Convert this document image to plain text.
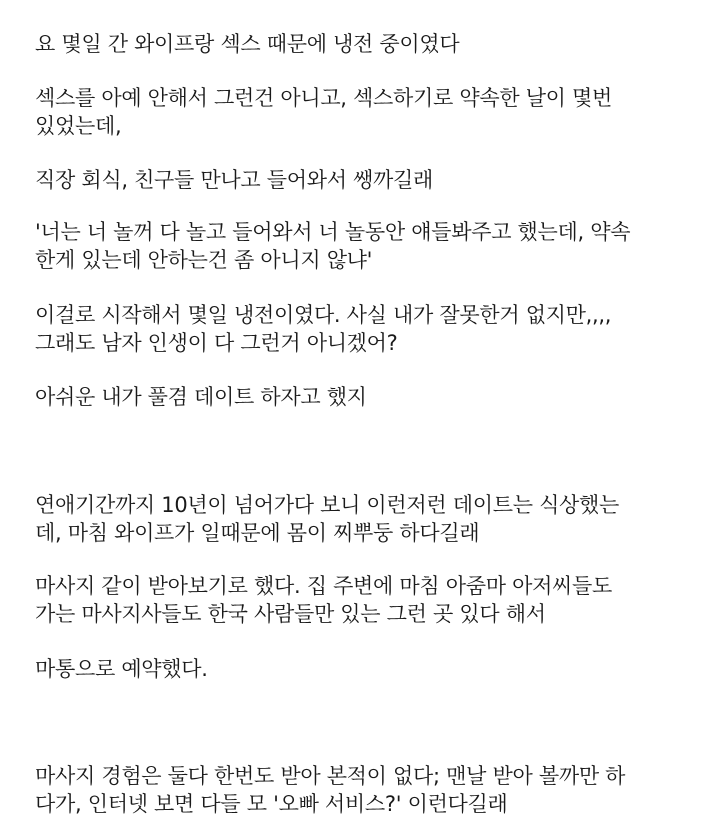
요 몇일 간 와이프랑 섹스 때문에 냉전 중이였다

섹스를 아예 안해서 그런건 아니고, 섹스하기로 약속한 날이 몇번
있었는데,

직장 회식, 친구들 만나고 들어와서 쌩까길래

'너는 너 놀꺼 다 놀고 들어와서 너 놀동안 얘들봐주고 했는데, 약속
한게 있는데 안하는건 좀 아니지 않냐'

이걸로 시작해서 몇일 냉전이였다. 사실 내가 잘못한거 없지만,,,,
그래도 남자 인생이 다 그런거 아니겠어?

아쉬운 내가 풀겸 데이트 하자고 했지

연애기간까지 10년이 넘어가다 보니 이런저런 데이트는 식상했는
데, 마침 와이프가 일때문에 몸이 찌뿌둥 하다길래

마사지 같이 받아보기로 했다. 집 주변에 마침 아줌마 아저씨들도
가는 마사지사들도 한국 사람들만 있는 그런 곳 있다 해서

마통으로 예약했다.

마사지 경험은 둘다 한번도 받아 본적이 없다; 맨날 받아 볼까만 하
다가, 인터넷 보면 다들 모 '오빠 서비스?' 이런다길래
